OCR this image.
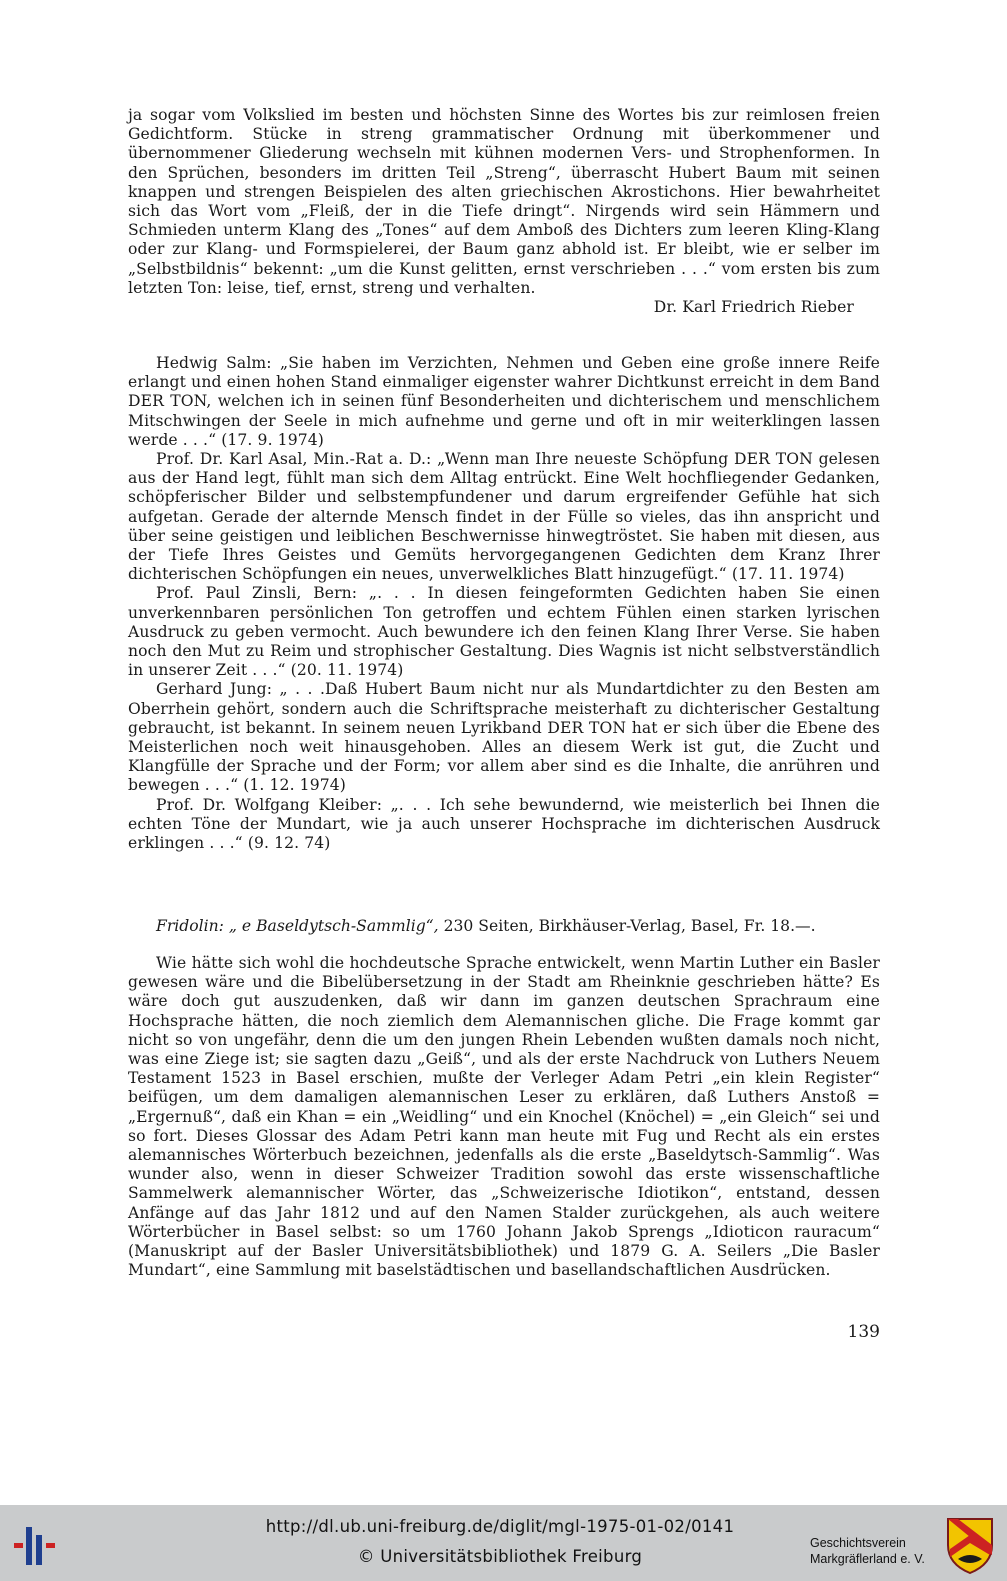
ja sogar vom Volkslied im besten und höchsten Sinne des Wortes bis zur reimlosen freien Gedichtform. Stücke in streng grammatischer Ordnung mit überkommener und übernommener Gliederung wechseln mit kühnen modernen Vers- und Strophenformen. In den Sprüchen, besonders im dritten Teil „Streng“, überrascht Hubert Baum mit seinen knappen und strengen Beispielen des alten griechischen Akrostichons. Hier bewahrheitet sich das Wort vom „Fleiß, der in die Tiefe dringt“. Nirgends wird sein Hämmern und Schmieden unterm Klang des „Tones“ auf dem Amboß des Dichters zum leeren Kling-Klang oder zur Klang- und Formspielerei, der Baum ganz abhold ist. Er bleibt, wie er selber im „Selbstbildnis“ bekennt: „um die Kunst gelitten, ernst verschrieben . . .“ vom ersten bis zum letzten Ton: leise, tief, ernst, streng und verhalten.

Dr. Karl Friedrich Rieber

Hedwig Salm: „Sie haben im Verzichten, Nehmen und Geben eine große innere Reife erlangt und einen hohen Stand einmaliger eigenster wahrer Dichtkunst erreicht in dem Band DER TON, welchen ich in seinen fünf Besonderheiten und dichterischem und menschlichem Mitschwingen der Seele in mich aufnehme und gerne und oft in mir weiterklingen lassen werde . . .“ (17. 9. 1974)

Prof. Dr. Karl Asal, Min.-Rat a. D.: „Wenn man Ihre neueste Schöpfung DER TON gelesen aus der Hand legt, fühlt man sich dem Alltag entrückt. Eine Welt hochfliegender Gedanken, schöpferischer Bilder und selbstempfundener und darum ergreifender Gefühle hat sich aufgetan. Gerade der alternde Mensch findet in der Fülle so vieles, das ihn anspricht und über seine geistigen und leiblichen Beschwernisse hinwegtröstet. Sie haben mit diesen, aus der Tiefe Ihres Geistes und Gemüts hervorgegangenen Gedichten dem Kranz Ihrer dichterischen Schöpfungen ein neues, unverwelkliches Blatt hinzugefügt.“ (17. 11. 1974)

Prof. Paul Zinsli, Bern: „. . . In diesen feingeformten Gedichten haben Sie einen unverkennbaren persönlichen Ton getroffen und echtem Fühlen einen starken lyrischen Ausdruck zu geben vermocht. Auch bewundere ich den feinen Klang Ihrer Verse. Sie haben noch den Mut zu Reim und strophischer Gestaltung. Dies Wagnis ist nicht selbstverständlich in unserer Zeit . . .“ (20. 11. 1974)

Gerhard Jung: „ . . .Daß Hubert Baum nicht nur als Mundartdichter zu den Besten am Oberrhein gehört, sondern auch die Schriftsprache meisterhaft zu dichterischer Gestaltung gebraucht, ist bekannt. In seinem neuen Lyrikband DER TON hat er sich über die Ebene des Meisterlichen noch weit hinausgehoben. Alles an diesem Werk ist gut, die Zucht und Klangfülle der Sprache und der Form; vor allem aber sind es die Inhalte, die anrühren und bewegen . . .“ (1. 12. 1974)

Prof. Dr. Wolfgang Kleiber: „. . . Ich sehe bewundernd, wie meisterlich bei Ihnen die echten Töne der Mundart, wie ja auch unserer Hochsprache im dichterischen Ausdruck erklingen . . .“ (9. 12. 74)

Fridolin: „ e Baseldytsch-Sammlig“, 230 Seiten, Birkhäuser-Verlag, Basel, Fr. 18.—.

Wie hätte sich wohl die hochdeutsche Sprache entwickelt, wenn Martin Luther ein Basler gewesen wäre und die Bibelübersetzung in der Stadt am Rheinknie geschrieben hätte? Es wäre doch gut auszudenken, daß wir dann im ganzen deutschen Sprachraum eine Hochsprache hätten, die noch ziemlich dem Alemannischen gliche. Die Frage kommt gar nicht so von ungefähr, denn die um den jungen Rhein Lebenden wußten damals noch nicht, was eine Ziege ist; sie sagten dazu „Geiß“, und als der erste Nachdruck von Luthers Neuem Testament 1523 in Basel erschien, mußte der Verleger Adam Petri „ein klein Register“ beifügen, um dem damaligen alemannischen Leser zu erklären, daß Luthers Anstoß = „Ergernuß“, daß ein Khan = ein „Weidling“ und ein Knochel (Knöchel) = „ein Gleich“ sei und so fort. Dieses Glossar des Adam Petri kann man heute mit Fug und Recht als ein erstes alemannisches Wörterbuch bezeichnen, jedenfalls als die erste „Baseldytsch-Sammlig“. Was wunder also, wenn in dieser Schweizer Tradition sowohl das erste wissenschaftliche Sammelwerk alemannischer Wörter, das „Schweizerische Idiotikon“, entstand, dessen Anfänge auf das Jahr 1812 und auf den Namen Stalder zurückgehen, als auch weitere Wörterbücher in Basel selbst: so um 1760 Johann Jakob Sprengs „Idioticon rauracum“ (Manuskript auf der Basler Universitätsbibliothek) und 1879 G. A. Seilers „Die Basler Mundart“, eine Sammlung mit baselstädtischen und basellandschaftlichen Ausdrücken.

139
http://dl.ub.uni-freiburg.de/diglit/mgl-1975-01-02/0141
© Universitätsbibliothek Freiburg
Geschichtsverein
Markgräflerland e. V.
